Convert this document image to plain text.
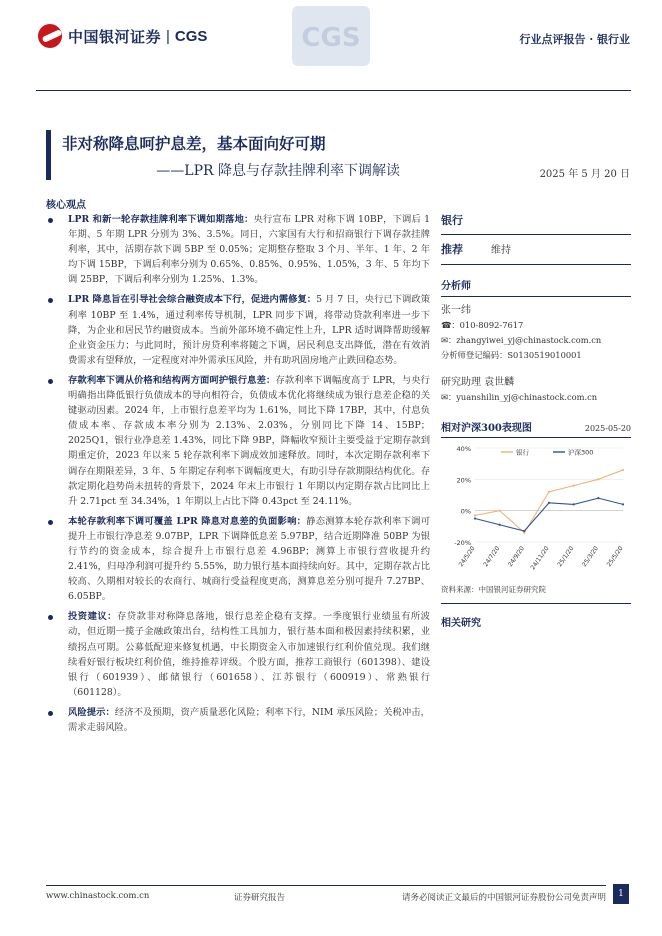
中国银河证券 | CGS	CGS	行业点评报告 · 银行业
非对称降息呵护息差，基本面向好可期
——LPR 降息与存款挂牌利率下调解读	2025 年 5 月 20 日
核心观点
LPR 和新一轮存款挂牌利率下调如期落地：央行宣布 LPR 对称下调 10BP，下调后 1 年期、5 年期 LPR 分别为 3%、3.5%。同日，六家国有大行和招商银行下调存款挂牌利率，其中，活期存款下调 5BP 至 0.05%；定期整存整取 3 个月、半年、1 年、2 年均下调 15BP，下调后利率分别为 0.65%、0.85%、0.95%、1.05%，3 年、5 年均下调 25BP，下调后利率分别为 1.25%、1.3%。
LPR 降息旨在引导社会综合融资成本下行，促进内需修复：5 月 7 日，央行已下调政策利率 10BP 至 1.4%，通过利率传导机制，LPR 同步下调，将带动贷款利率进一步下降，为企业和居民节约融资成本。当前外部环境不确定性上升，LPR 适时调降帮助缓解企业资金压力；与此同时，预计房贷利率将随之下调，居民利息支出降低，潜在有效消费需求有望释放，一定程度对冲外需承压风险，并有助巩固房地产止跌回稳态势。
存款利率下调从价格和结构两方面呵护银行息差：存款利率下调幅度高于 LPR，与央行明确指出降低银行负债成本的导向相符合，负债成本优化将继续成为银行息差企稳的关键驱动因素。2024 年，上市银行息差平均为 1.61%，同比下降 17BP，其中，付息负债成本率、存款成本率分别为 2.13%、2.03%，分别同比下降 14、15BP；2025Q1，银行业净息差 1.43%，同比下降 9BP，降幅收窄预计主要受益于定期存款到期重定价，2023 年以来 5 轮存款利率下调成效加速释放。同时，本次定期存款利率下调存在期限差异，3 年、5 年期定存利率下调幅度更大，有助引导存款期限结构优化。存款定期化趋势尚未扭转的背景下，2024 年末上市银行 1 年期以内定期存款占比同比上升 2.71pct 至 34.34%，1 年期以上占比下降 0.43pct 至 24.11%。
本轮存款利率下调可覆盖 LPR 降息对息差的负面影响：静态测算本轮存款利率下调可提升上市银行净息差 9.07BP，LPR 下调降低息差 5.97BP，结合近期降准 50BP 为银行节约的资金成本，综合提升上市银行息差 4.96BP；测算上市银行营收提升约 2.41%，归母净利润可提升约 5.55%，助力银行基本面持续向好。其中，定期存款占比较高、久期相对较长的农商行、城商行受益程度更高，测算息差分别可提升 7.27BP、6.05BP。
投资建议：存贷款非对称降息落地，银行息差企稳有支撑。一季度银行业绩虽有所波动，但近期一揽子金融政策出台，结构性工具加力，银行基本面和极因素持续积累，业绩拐点可期。公募低配迎来修复机遇，中长期资金入市加速银行红利价值兑现。我们继续看好银行板块红利价值，维持推荐评级。个股方面，推荐工商银行（601398）、建设银行（601939）、邮储银行（601658）、江苏银行（600919）、常熟银行（601128）。
风险提示：经济不及预期，资产质量恶化风险；利率下行，NIM 承压风险；关税冲击，需求走弱风险。
银行
推荐	维持
分析师
张一纬
☎：010-8092-7617
✉：zhangyiwei_yj@chinastock.com.cn
分析师登记编码：S0130519010001
研究助理 袁世麟
✉：yuanshilin_yj@chinastock.com.cn
相对沪深300表现图	2025-05-20
40%
20%
0%
-20%
24/5/20 24/7/20 24/9/20 24/11/20 25/1/20 25/3/20 25/5/20
银行	沪深300
资料来源：中国银河证券研究院
相关研究
www.chinastock.com.cn	证券研究报告	请务必阅读正文最后的中国银河证券股份公司免责声明	1
